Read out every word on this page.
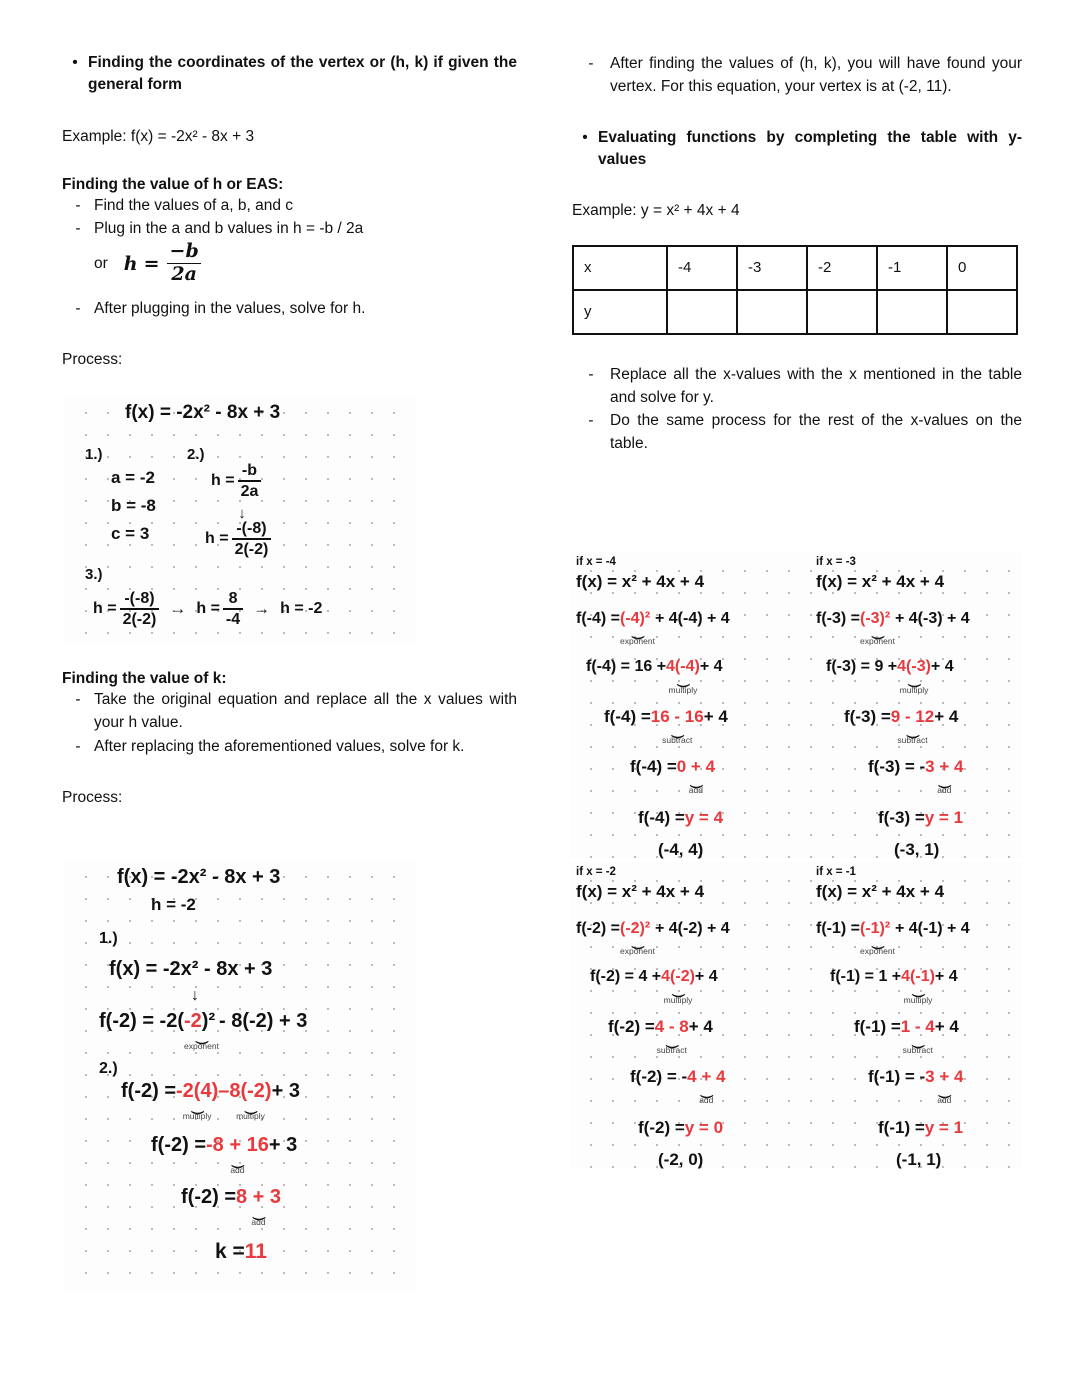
• Finding the coordinates of the vertex or (h, k) if given the general form

Example: f(x) = -2x² - 8x + 3

Finding the value of h or EAS:

- Find the values of a, b, and c
- Plug in the a and b values in h = -b / 2a
or $h = \frac{-b}{2a}$
- After plugging in the values, solve for h.

Process:

f(x) = -2x² - 8x + 3
1.)
a = -2
b = -8
c = 3
2.)
$h = \frac{-b}{2a}$
↓
$h = \frac{-(-8)}{2(-2)}$
3.)
$h = \frac{-(-8)}{2(-2)} \to h = \frac{8}{-4} \to h = -2$

Finding the value of k:

- Take the original equation and replace all the x values with your h value.
- After replacing the aforementioned values, solve for k.

Process:

f(x) = -2x² - 8x + 3
h = -2
1.)
f(x) = -2x² - 8x + 3
↓
f(-2) = -2( -2)²
⏝
exponent
- 8(-2) + 3
2.)
f(-2) = -2(4)
⏝
multiply
– 8(-2)
⏝
multiply
+ 3
f(-2) = -8 + 16
⏝
add
+ 3
f(-2) = 8 + 3
⏝
add
k = 11
-	After finding the values of (h, k), you will have found your vertex. For this equation, your vertex is at (-2, 11).
• Evaluating functions by completing the table with y-values

Example: y = x² + 4x + 4

x	-4	-3	-2	-1	0
y					
-	Replace all the x-values with the x mentioned in the table and solve for y.
-	Do the same process for the rest of the x-values on the table.
if x = -4
f(x) = x² + 4x + 4
f(-4) = (-4)²
⏝
exponent
+ 4(-4) + 4
f(-4) = 16 + 4(-4)
⏝
multiply
+ 4
f(-4) = 16 - 16
⏝
subtract
+ 4
f(-4) = 0 + 4
⏝
add
f(-4) = y = 4
(-4, 4)
if x = -3
f(x) = x² + 4x + 4
f(-3) = (-3)²
⏝
exponent
+ 4(-3) + 4
f(-3) = 9 + 4(-3)
⏝
multiply
+ 4
f(-3) = 9 - 12
⏝
subtract
+ 4
f(-3) = - 3 + 4
⏝
add
f(-3) = y = 1
(-3, 1)
if x = -2
f(x) = x² + 4x + 4
f(-2) = (-2)²
⏝
exponent
+ 4(-2) + 4
f(-2) = 4 + 4(-2)
⏝
multiply
+ 4
f(-2) = 4 - 8
⏝
subtract
+ 4
f(-2) = - 4 + 4
⏝
add
f(-2) = y = 0
(-2, 0)
if x = -1
f(x) = x² + 4x + 4
f(-1) = (-1)²
⏝
exponent
+ 4(-1) + 4
f(-1) = 1 + 4(-1)
⏝
multiply
+ 4
f(-1) = 1 - 4
⏝
subtract
+ 4
f(-1) = - 3 + 4
⏝
add
f(-1) = y = 1
(-1, 1)
